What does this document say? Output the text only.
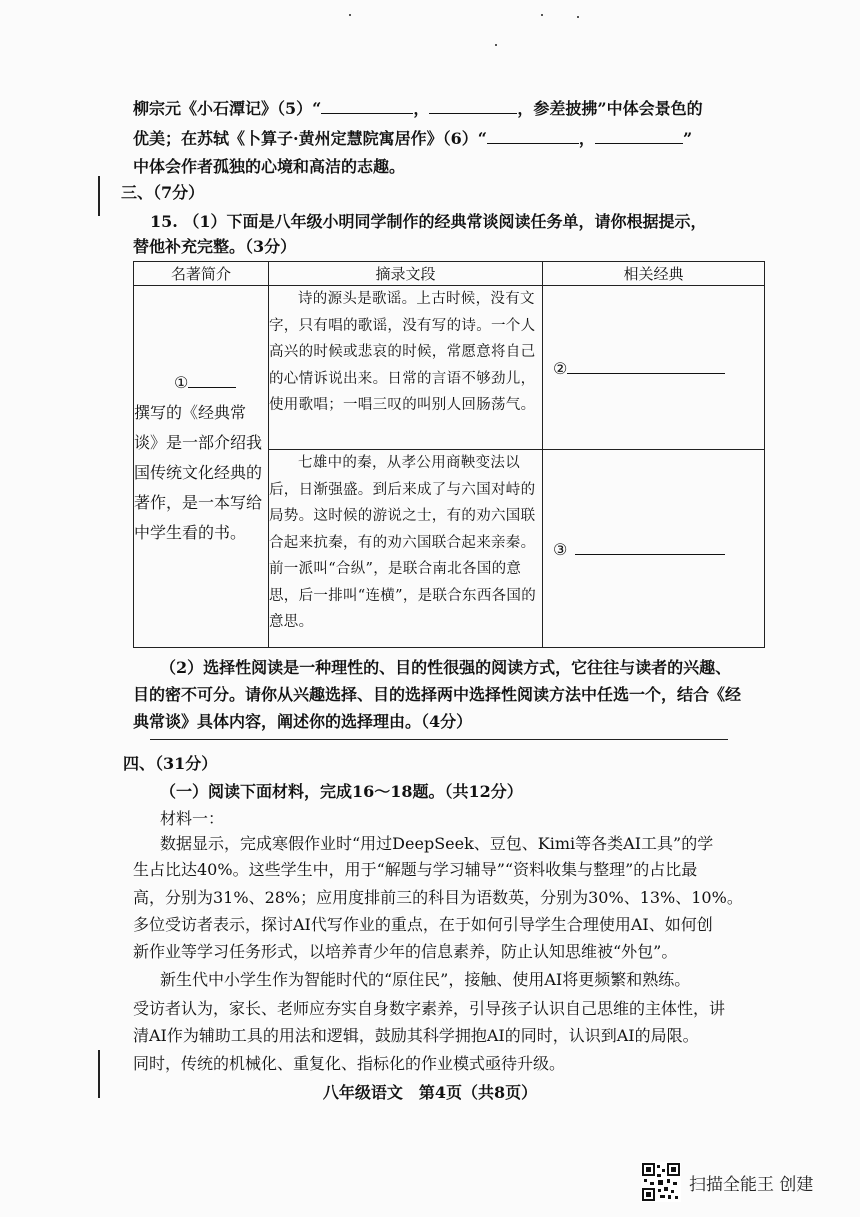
柳宗元《小石潭记》（5）“	，	，参差披拂”中体会景色的
优美；在苏轼《卜算子·黄州定慧院寓居作》（6）“	，	”
中体会作者孤独的心境和高洁的志趣。
三、（7分）
15. （1）下面是八年级小明同学制作的经典常谈阅读任务单，请你根据提示，
替他补充完整。（3分）
名著简介	摘录文段	相关经典

①
撰写的《经典常谈》是一部介绍我国传统文化经典的著作，是一本写给中学生看的书。	诗的源头是歌谣。上古时候，没有文字，只有唱的歌谣，没有写的诗。一个人高兴的时候或悲哀的时候，常愿意将自己的心情诉说出来。日常的言语不够劲儿，使用歌唱；一唱三叹的叫别人回肠荡气。	②
	七雄中的秦，从孝公用商鞅变法以后，日渐强盛。到后来成了与六国对峙的局势。这时候的游说之士，有的劝六国联合起来抗秦，有的劝六国联合起来亲秦。前一派叫“合纵”，是联合南北各国的意思，后一排叫“连横”，是联合东西各国的意思。	③
（2）选择性阅读是一种理性的、目的性很强的阅读方式，它往往与读者的兴趣、
目的密不可分。请你从兴趣选择、目的选择两中选择性阅读方法中任选一个，结合《经
典常谈》具体内容，阐述你的选择理由。（4分）
四、（31分）
（一）阅读下面材料，完成16～18题。（共12分）
材料一：
数据显示，完成寒假作业时“用过DeepSeek、豆包、Kimi等各类AI工具”的学
生占比达40%。这些学生中，用于“解题与学习辅导”“资料收集与整理”的占比最
高，分别为31%、28%；应用度排前三的科目为语数英，分别为30%、13%、10%。
多位受访者表示，探讨AI代写作业的重点，在于如何引导学生合理使用AI、如何创
新作业等学习任务形式，以培养青少年的信息素养，防止认知思维被“外包”。
新生代中小学生作为智能时代的“原住民”，接触、使用AI将更频繁和熟练。
受访者认为，家长、老师应夯实自身数字素养，引导孩子认识自己思维的主体性，讲
清AI作为辅助工具的用法和逻辑，鼓励其科学拥抱AI的同时，认识到AI的局限。
同时，传统的机械化、重复化、指标化的作业模式亟待升级。
八年级语文　第4页（共8页）
扫描全能王 创建
